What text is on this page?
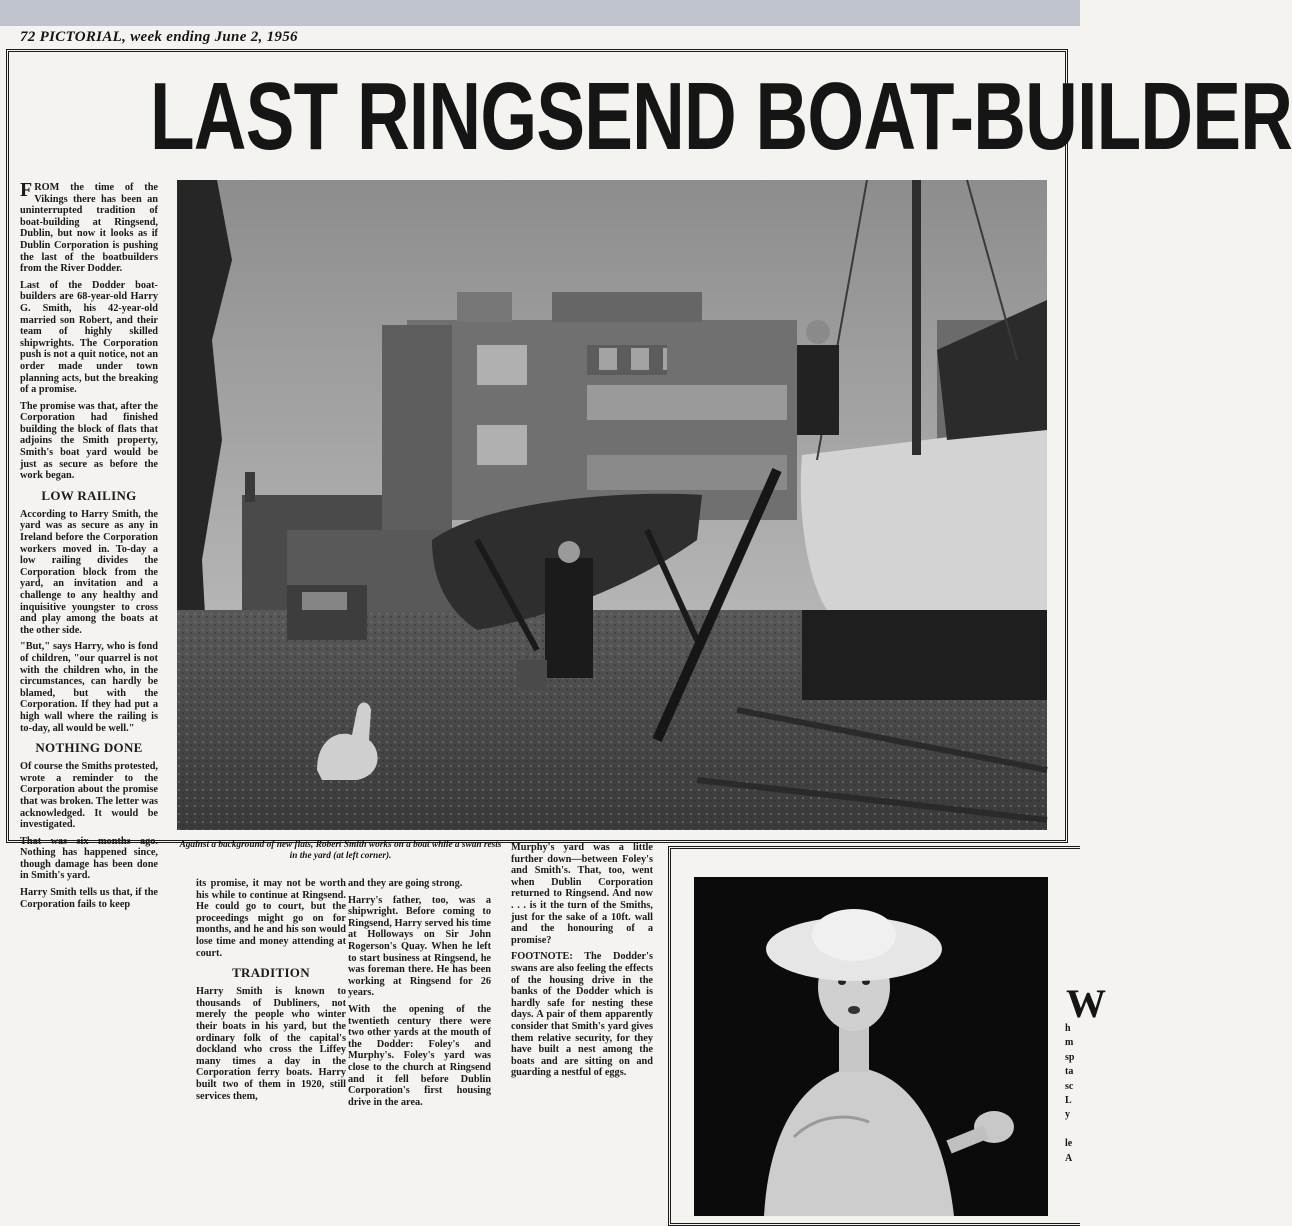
72 PICTORIAL, week ending June 2, 1956
LAST RINGSEND BOAT-BUILDER

FROM the time of the Vikings there has been an uninterrupted tradition of boat-building at Ringsend, Dublin, but now it looks as if Dublin Corporation is pushing the last of the boatbuilders from the River Dodder.

Last of the Dodder boat-builders are 68-year-old Harry G. Smith, his 42-year-old married son Robert, and their team of highly skilled shipwrights. The Corporation push is not a quit notice, not an order made under town planning acts, but the breaking of a promise.

The promise was that, after the Corporation had finished building the block of flats that adjoins the Smith property, Smith's boat yard would be just as secure as before the work began.

LOW RAILING

According to Harry Smith, the yard was as secure as any in Ireland before the Corporation workers moved in. To-day a low railing divides the Corporation block from the yard, an invitation and a challenge to any healthy and inquisitive youngster to cross and play among the boats at the other side.

"But," says Harry, who is fond of children, "our quarrel is not with the children who, in the circumstances, can hardly be blamed, but with the Corporation. If they had put a high wall where the railing is to-day, all would be well."

NOTHING DONE

Of course the Smiths protested, wrote a reminder to the Corporation about the promise that was broken. The letter was acknowledged. It would be investigated.

That was six months ago. Nothing has happened since, though damage has been done in Smith's yard.

Harry Smith tells us that, if the Corporation fails to keep

Against a background of new flats, Robert Smith works on a boat while a swan rests in the yard (at left corner).

its promise, it may not be worth his while to continue at Ringsend. He could go to court, but the proceedings might go on for months, and he and his son would lose time and money attending at court.

TRADITION

Harry Smith is known to thousands of Dubliners, not merely the people who winter their boats in his yard, but the ordinary folk of the capital's dockland who cross the Liffey many times a day in the Corporation ferry boats. Harry built two of them in 1920, still services them,

and they are going strong.

Harry's father, too, was a shipwright. Before coming to Ringsend, Harry served his time at Holloways on Sir John Rogerson's Quay. When he left to start business at Ringsend, he was foreman there. He has been working at Ringsend for 26 years.

With the opening of the twentieth century there were two other yards at the mouth of the Dodder: Foley's and Murphy's. Foley's yard was close to the church at Ringsend and it fell before Dublin Corporation's first housing drive in the area.

Murphy's yard was a little further down—between Foley's and Smith's. That, too, went when Dublin Corporation returned to Ringsend. And now . . . is it the turn of the Smiths, just for the sake of a 10ft. wall and the honouring of a promise?

FOOTNOTE: The Dodder's swans are also feeling the effects of the housing drive in the banks of the Dodder which is hardly safe for nesting these days. A pair of them apparently consider that Smith's yard gives them relative security, for they have built a nest among the boats and are sitting on and guarding a nestful of eggs.

W
h
m
sp
ta
sc
L
y

le
A
